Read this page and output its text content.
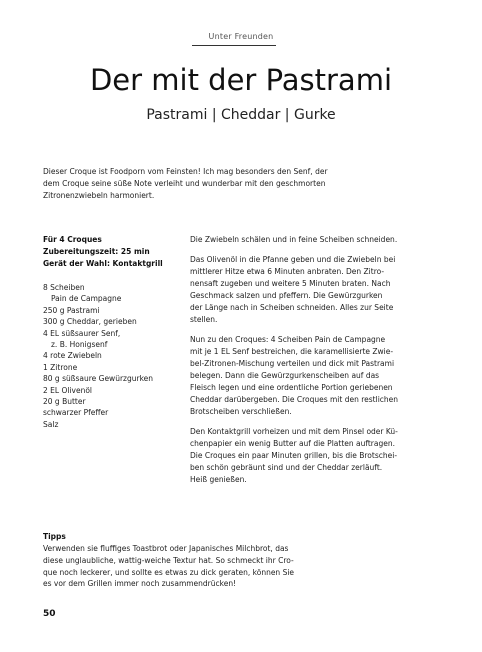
Unter Freunden
Der mit der Pastrami

Pastrami | Cheddar | Gurke

Dieser Croque ist Foodporn vom Feinsten! Ich mag besonders den Senf, der dem Croque seine süße Note verleiht und wunderbar mit den geschmorten Zitronenzwiebeln harmoniert.

Für 4 Croques
Zubereitungszeit: 25 min
Gerät der Wahl: Kontaktgrill
8 Scheiben
Pain de Campagne
250 g Pastrami
300 g Cheddar, gerieben
4 EL süßsaurer Senf,
z. B. Honigsenf
4 rote Zwiebeln
1 Zitrone
80 g süßsaure Gewürzgurken
2 EL Olivenöl
20 g Butter
schwarzer Pfeffer
Salz

Die Zwiebeln schälen und in feine Scheiben schneiden.

Das Olivenöl in die Pfanne geben und die Zwiebeln bei
mittlerer Hitze etwa 6 Minuten anbraten. Den Zitro-
nensaft zugeben und weitere 5 Minuten braten. Nach
Geschmack salzen und pfeffern. Die Gewürzgurken
der Länge nach in Scheiben schneiden. Alles zur Seite
stellen.

Nun zu den Croques: 4 Scheiben Pain de Campagne
mit je 1 EL Senf bestreichen, die karamellisierte Zwie-
bel-Zitronen-Mischung verteilen und dick mit Pastrami
belegen. Dann die Gewürzgurkenscheiben auf das
Fleisch legen und eine ordentliche Portion geriebenen
Cheddar darübergeben. Die Croques mit den restlichen
Brotscheiben verschließen.

Den Kontaktgrill vorheizen und mit dem Pinsel oder Kü-
chenpapier ein wenig Butter auf die Platten auftragen.
Die Croques ein paar Minuten grillen, bis die Brotschei-
ben schön gebräunt sind und der Cheddar zerläuft.
Heiß genießen.

Tipps
Verwenden sie fluffiges Toastbrot oder Japanisches Milchbrot, das
diese unglaubliche, wattig-weiche Textur hat. So schmeckt ihr Cro-
que noch leckerer, und sollte es etwas zu dick geraten, können Sie
es vor dem Grillen immer noch zusammendrücken!
50
